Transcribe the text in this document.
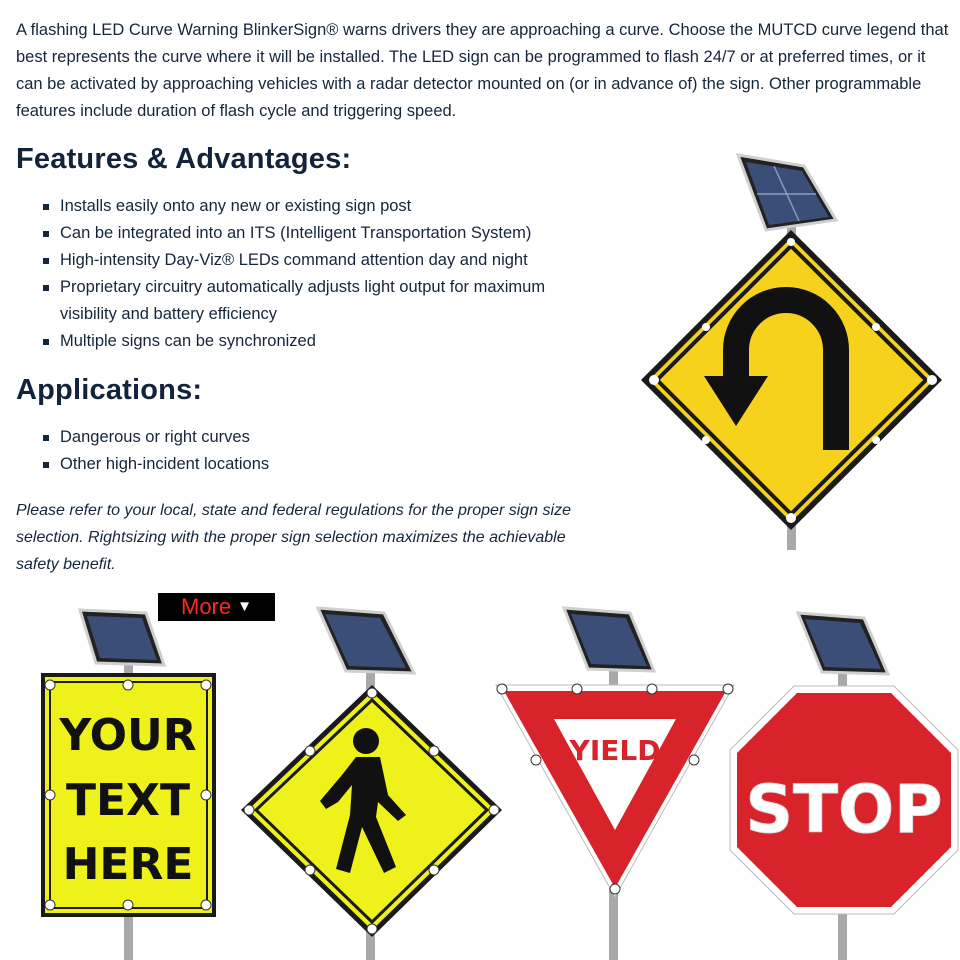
A flashing LED Curve Warning BlinkerSign® warns drivers they are approaching a curve. Choose the MUTCD curve legend that best represents the curve where it will be installed. The LED sign can be programmed to flash 24/7 or at preferred times, or it can be activated by approaching vehicles with a radar detector mounted on (or in advance of) the sign. Other programmable features include duration of flash cycle and triggering speed.

Features & Advantages:
Installs easily onto any new or existing sign post
Can be integrated into an ITS (Intelligent Transportation System)
High-intensity Day-Viz® LEDs command attention day and night
Proprietary circuitry automatically adjusts light output for maximum visibility and battery efficiency
Multiple signs can be synchronized
Applications:
Dangerous or right curves
Other high-incident locations

Please refer to your local, state and federal regulations for the proper sign size selection. Rightsizing with the proper sign selection maximizes the achievable safety benefit.

YOUR
TEXT
HERE
More ▼
YIELD
STOP
